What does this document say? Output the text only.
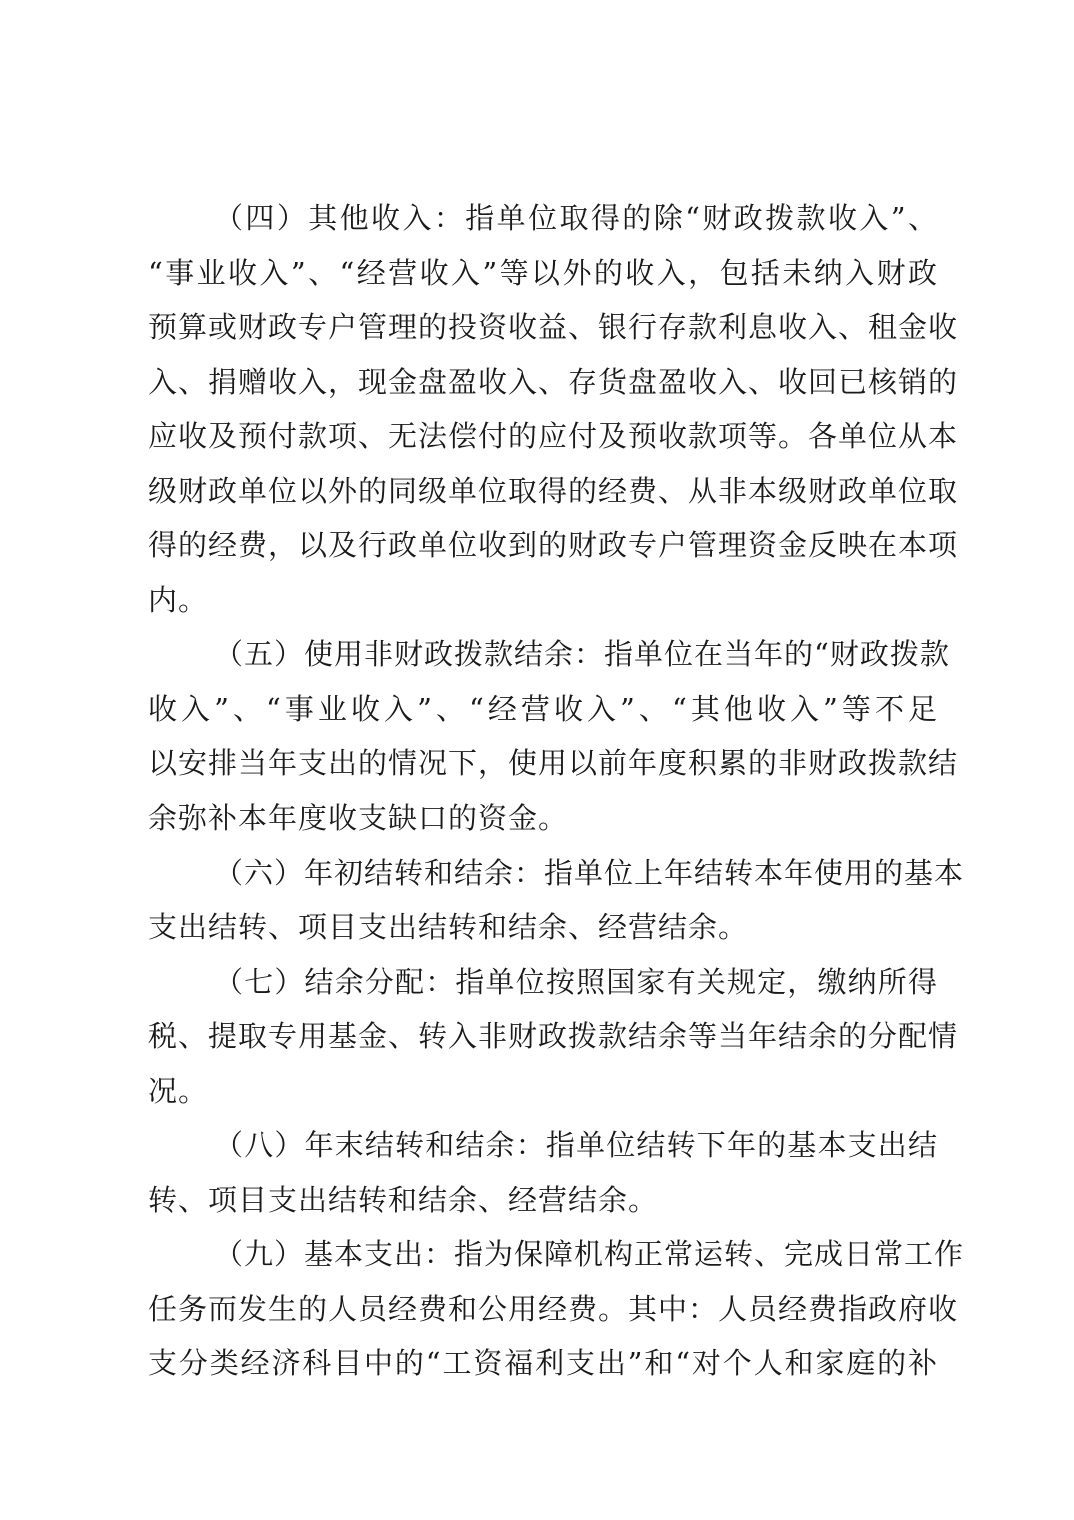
（四）其他收入：指单位取得的除“财政拨款收入”、
“事业收入”、“经营收入”等以外的收入，包括未纳入财政
预算或财政专户管理的投资收益、银行存款利息收入、租金收
入、捐赠收入，现金盘盈收入、存货盘盈收入、收回已核销的
应收及预付款项、无法偿付的应付及预收款项等。各单位从本
级财政单位以外的同级单位取得的经费、从非本级财政单位取
得的经费，以及行政单位收到的财政专户管理资金反映在本项
内。
（五）使用非财政拨款结余：指单位在当年的“财政拨款
收入”、“事业收入”、“经营收入”、“其他收入”等不足
以安排当年支出的情况下，使用以前年度积累的非财政拨款结
余弥补本年度收支缺口的资金。
（六）年初结转和结余：指单位上年结转本年使用的基本
支出结转、项目支出结转和结余、经营结余。
（七）结余分配：指单位按照国家有关规定，缴纳所得
税、提取专用基金、转入非财政拨款结余等当年结余的分配情
况。
（八）年末结转和结余：指单位结转下年的基本支出结
转、项目支出结转和结余、经营结余。
（九）基本支出：指为保障机构正常运转、完成日常工作
任务而发生的人员经费和公用经费。其中：人员经费指政府收
支分类经济科目中的“工资福利支出”和“对个人和家庭的补
